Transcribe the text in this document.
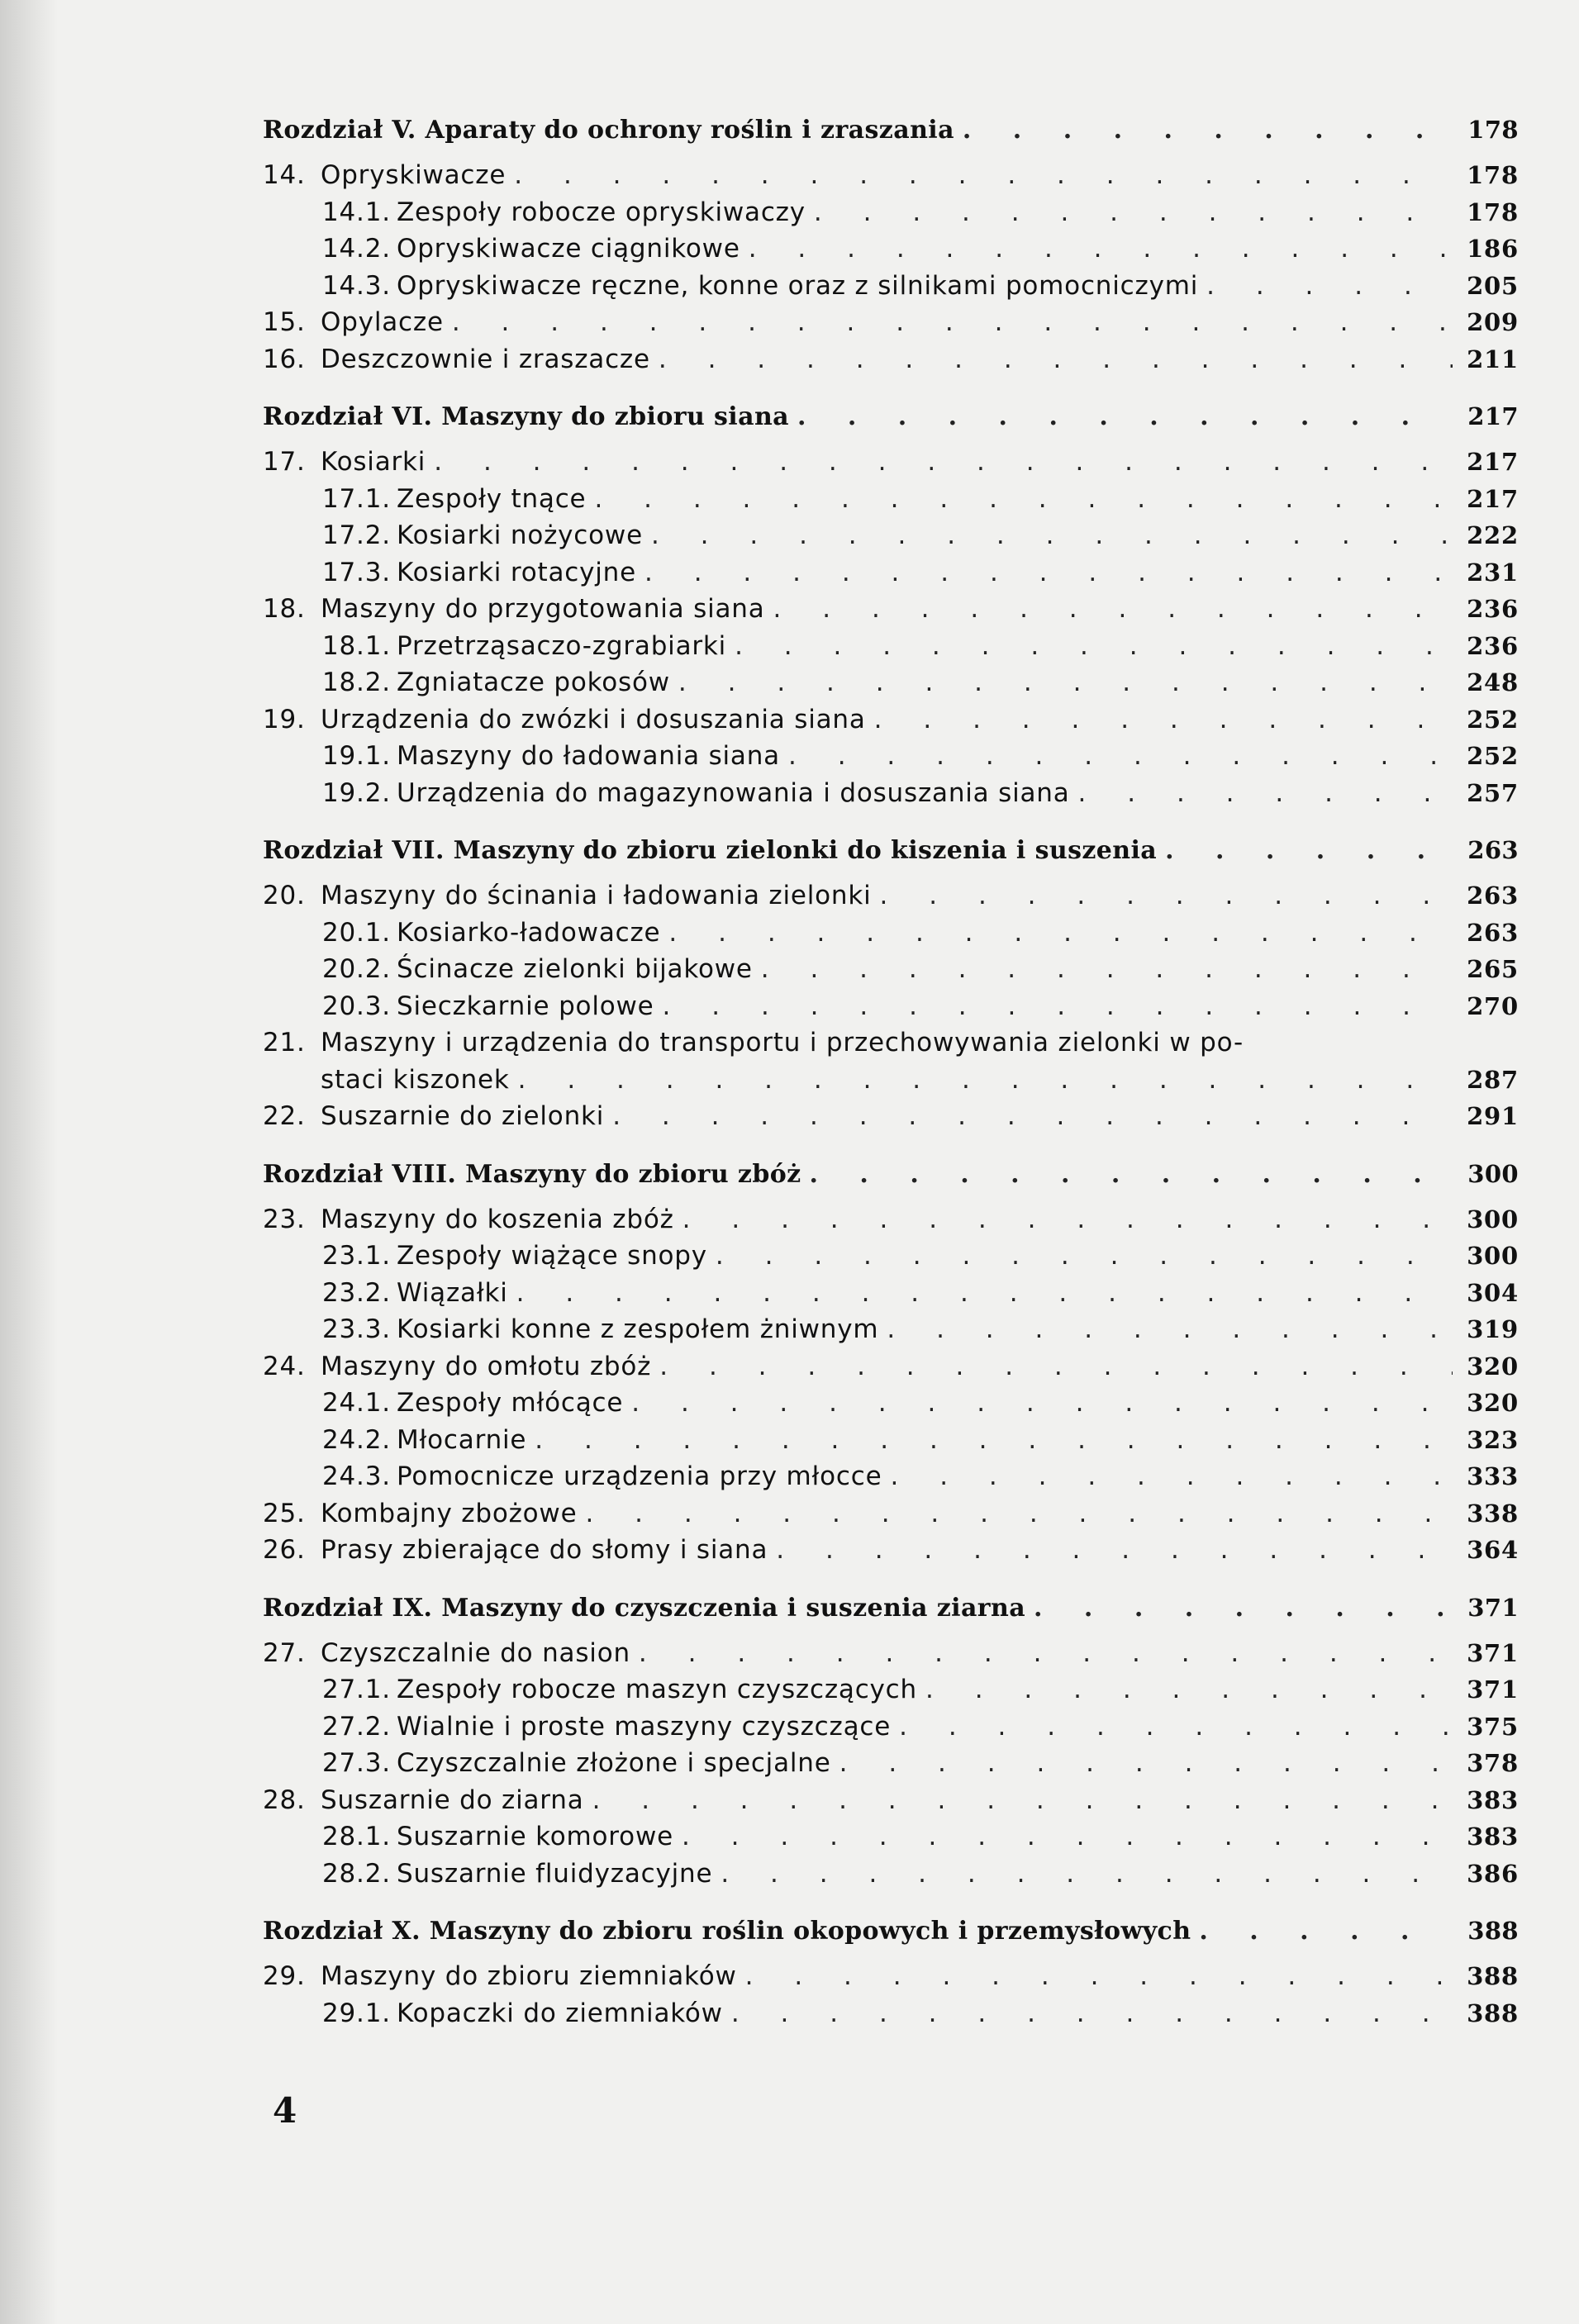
Rozdział V. Aparaty do ochrony roślin i zraszania . . .	178
14. Opryskiwacze . . .	178
14.1. Zespoły robocze opryskiwaczy . . .	178
14.2. Opryskiwacze ciągnikowe . . .	186
14.3. Opryskiwacze ręczne, konne oraz z silnikami pomocniczymi . . .	205
15. Opylacze . . .	209
16. Deszczownie i zraszacze . . .	211
Rozdział VI. Maszyny do zbioru siana . . .	217
17. Kosiarki . . .	217
17.1. Zespoły tnące . . .	217
17.2. Kosiarki nożycowe . . .	222
17.3. Kosiarki rotacyjne . . .	231
18. Maszyny do przygotowania siana . . .	236
18.1. Przetrząsaczo-zgrabiarki . . .	236
18.2. Zgniatacze pokosów . . .	248
19. Urządzenia do zwózki i dosuszania siana . . .	252
19.1. Maszyny do ładowania siana . . .	252
19.2. Urządzenia do magazynowania i dosuszania siana . . .	257
Rozdział VII. Maszyny do zbioru zielonki do kiszenia i suszenia . . .	263
20. Maszyny do ścinania i ładowania zielonki . . .	263
20.1. Kosiarko-ładowacze . . .	263
20.2. Ścinacze zielonki bijakowe . . .	265
20.3. Sieczkarnie polowe . . .	270
21. Maszyny i urządzenia do transportu i przechowywania zielonki w po-
staci kiszonek . . .	287
22. Suszarnie do zielonki . . .	291
Rozdział VIII. Maszyny do zbioru zbóż . . .	300
23. Maszyny do koszenia zbóż . . .	300
23.1. Zespoły wiążące snopy . . .	300
23.2. Wiązałki . . .	304
23.3. Kosiarki konne z zespołem żniwnym . . .	319
24. Maszyny do omłotu zbóż . . .	320
24.1. Zespoły młócące . . .	320
24.2. Młocarnie . . .	323
24.3. Pomocnicze urządzenia przy młocce . . .	333
25. Kombajny zbożowe . . .	338
26. Prasy zbierające do słomy i siana . . .	364
Rozdział IX. Maszyny do czyszczenia i suszenia ziarna . . .	371
27. Czyszczalnie do nasion . . .	371
27.1. Zespoły robocze maszyn czyszczących . . .	371
27.2. Wialnie i proste maszyny czyszczące . . .	375
27.3. Czyszczalnie złożone i specjalne . . .	378
28. Suszarnie do ziarna . . .	383
28.1. Suszarnie komorowe . . .	383
28.2. Suszarnie fluidyzacyjne . . .	386
Rozdział X. Maszyny do zbioru roślin okopowych i przemysłowych . . .	388
29. Maszyny do zbioru ziemniaków . . .	388
29.1. Kopaczki do ziemniaków . . .	388
4
